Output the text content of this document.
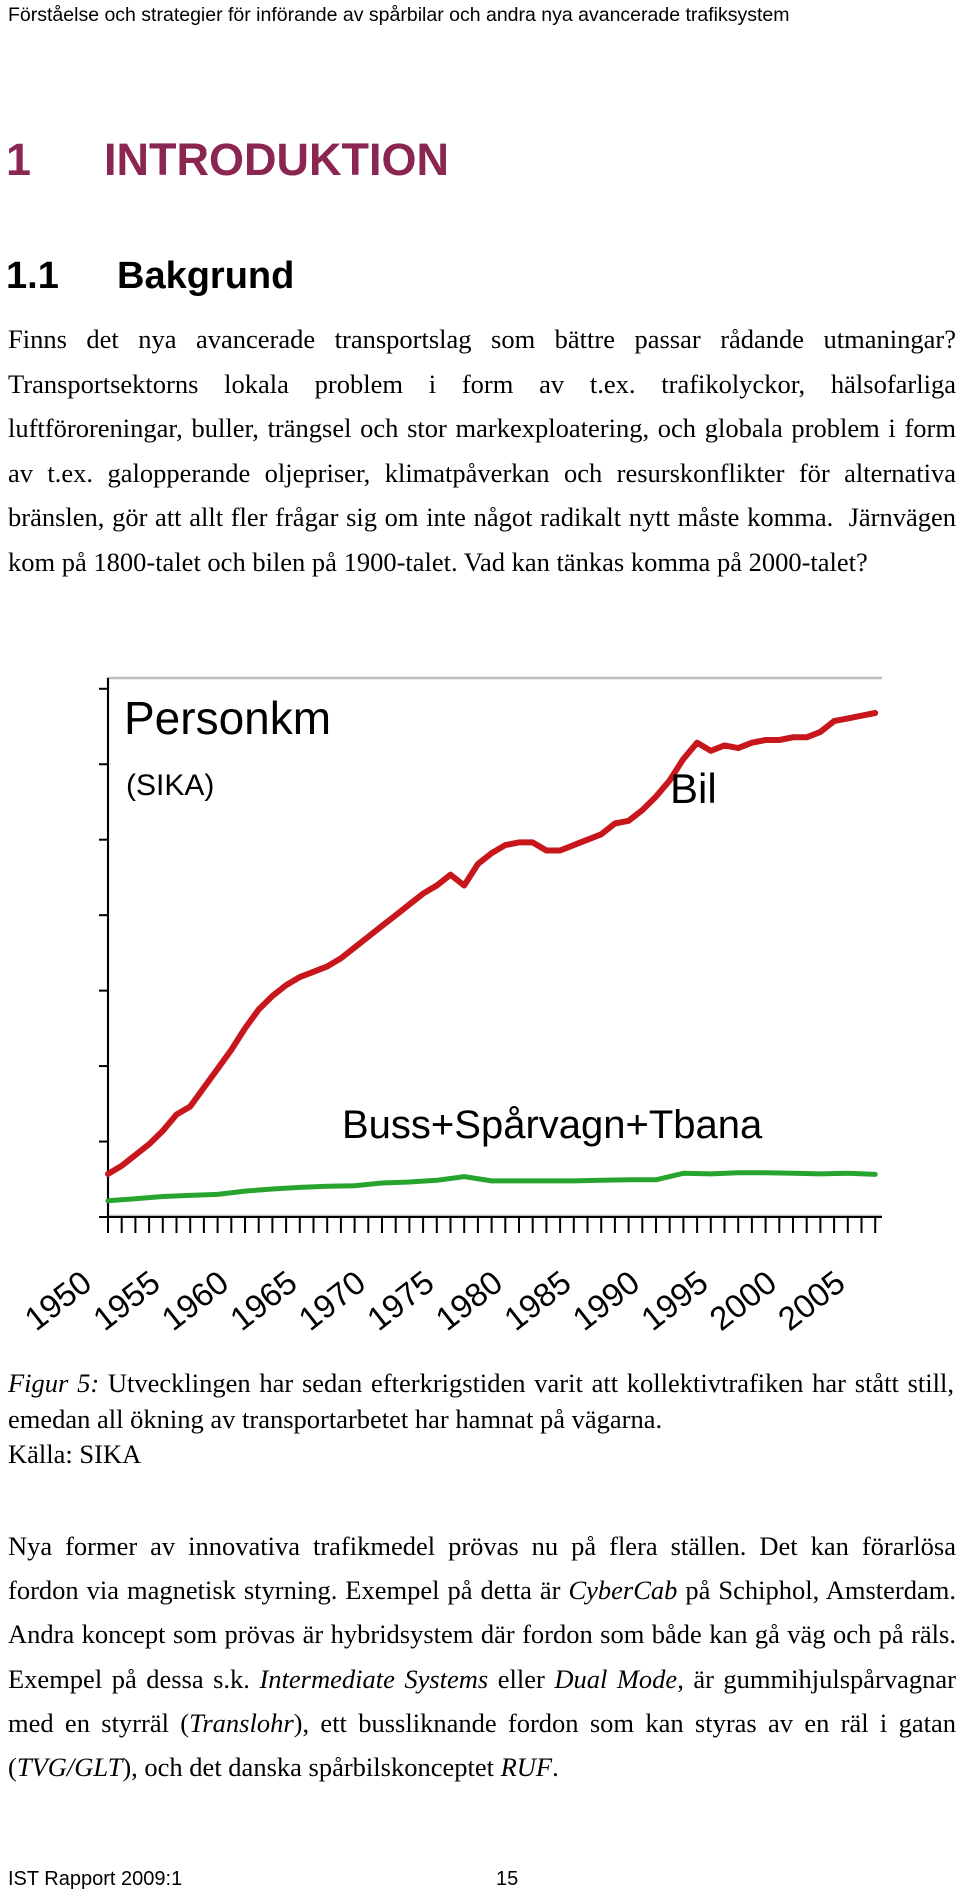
Förståelse och strategier för införande av spårbilar och andra nya avancerade trafiksystem
1 INTRODUKTION
1.1 Bakgrund

Finns det nya avancerade transportslag som bättre passar rådande utmaningar? Transportsektorns lokala problem i form av t.ex. trafikolyckor, hälsofarliga luftföroreningar, buller, trängsel och stor markexploatering, och globala problem i form av t.ex. galopperande oljepriser, klimatpåverkan och resurskonflikter för alternativa bränslen, gör att allt fler frågar sig om inte något radikalt nytt måste komma. Järnvägen kom på 1800-talet och bilen på 1900-talet. Vad kan tänkas komma på 2000-talet?

Personkm
(SIKA)	Bil
Buss+Spårvagn+Tbana
1950
1955
1960
1965
1970
1975
1980
1985
1990
1995
2000
2005

Figur 5: Utvecklingen har sedan efterkrigstiden varit att kollektivtrafiken har stått still, emedan all ökning av transportarbetet har hamnat på vägarna.
Källa: SIKA

Nya former av innovativa trafikmedel prövas nu på flera ställen. Det kan förarlösa fordon via magnetisk styrning. Exempel på detta är CyberCab på Schiphol, Amsterdam. Andra koncept som prövas är hybridsystem där fordon som både kan gå väg och på räls. Exempel på dessa s.k. Intermediate Systems eller Dual Mode, är gummihjulspårvagnar med en styrräl (Translohr), ett bussliknande fordon som kan styras av en räl i gatan (TVG/GLT), och det danska spårbilskonceptet RUF.

IST Rapport 2009:1	15
